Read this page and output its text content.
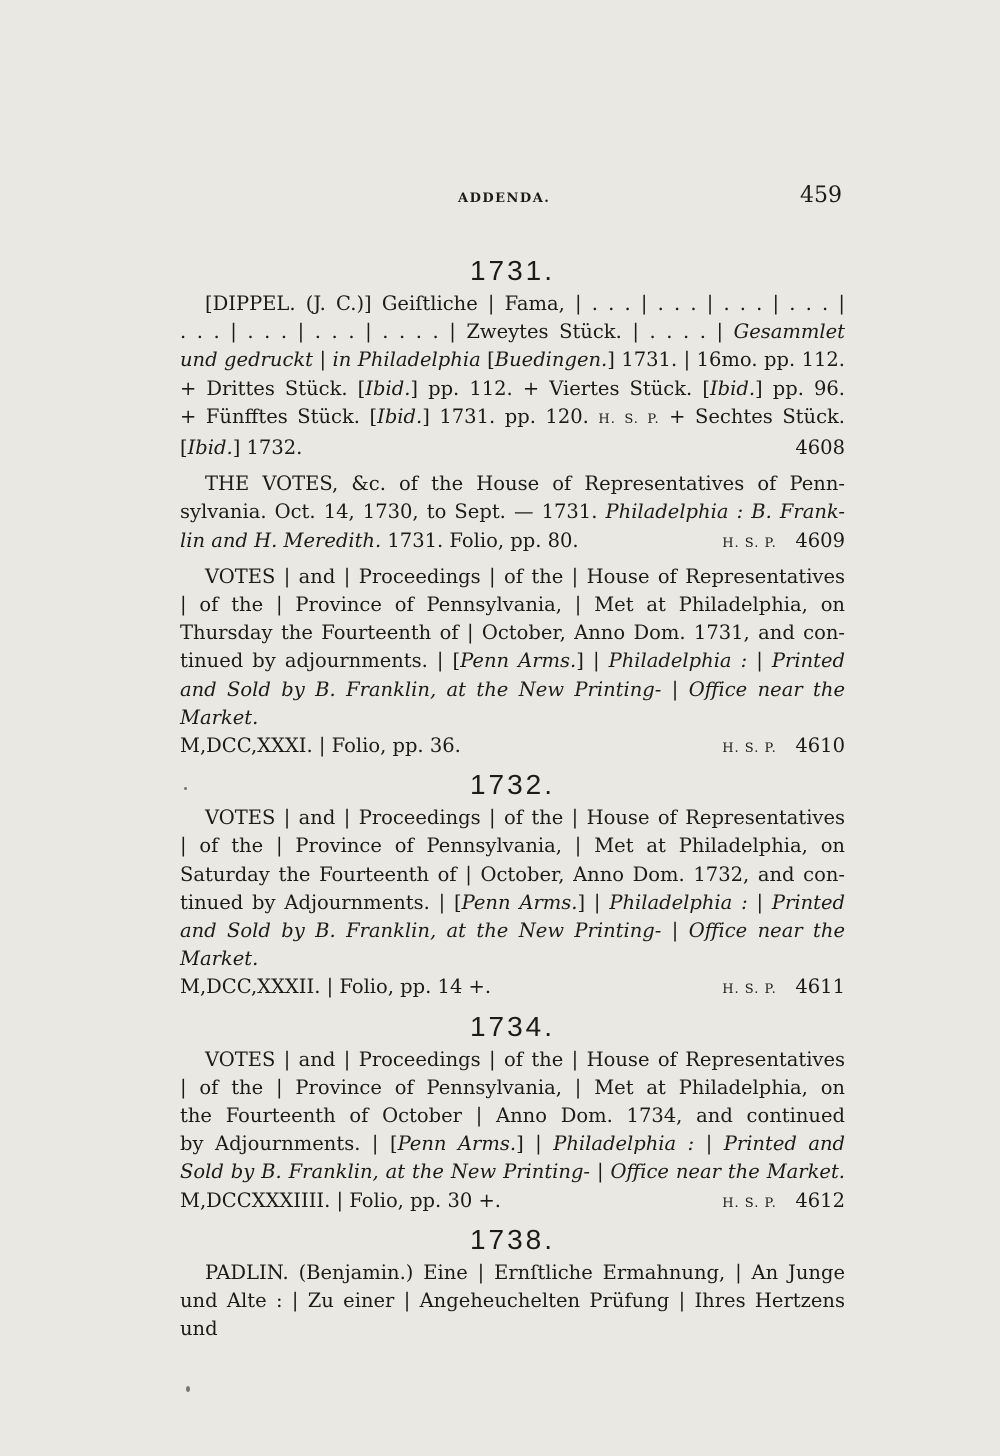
ADDENDA.	459
1731.
[DIPPEL. (J. C.)] Geiſtliche | Fama, | . . . | . . . | . . . | . . . |
. . . | . . . | . . . | . . . . | Zweytes Stück. | . . . . | Gesammlet
und gedruckt | in Philadelphia [Buedingen.] 1731. | 16mo. pp. 112.
+ Drittes Stück. [Ibid.] pp. 112. + Viertes Stück. [Ibid.] pp. 96.
+ Fünfftes Stück. [Ibid.] 1731. pp. 120. H. S. P. + Sechtes Stück.
[Ibid.] 1732.	4608
THE VOTES, &c. of the House of Representatives of Penn-
sylvania. Oct. 14, 1730, to Sept. — 1731. Philadelphia : B. Frank-
lin and H. Meredith. 1731. Folio, pp. 80.	H. S. P. 4609
VOTES | and | Proceedings | of the | House of Representatives
| of the | Province of Pennsylvania, | Met at Philadelphia, on
Thursday the Fourteenth of | October, Anno Dom. 1731, and con-
tinued by adjournments. | [Penn Arms.] | Philadelphia : | Printed
and Sold by B. Franklin, at the New Printing- | Office near the Market.
M,DCC,XXXI. | Folio, pp. 36.	H. S. P. 4610
1732.
VOTES | and | Proceedings | of the | House of Representatives
| of the | Province of Pennsylvania, | Met at Philadelphia, on
Saturday the Fourteenth of | October, Anno Dom. 1732, and con-
tinued by Adjournments. | [Penn Arms.] | Philadelphia : | Printed
and Sold by B. Franklin, at the New Printing- | Office near the Market.
M,DCC,XXXII. | Folio, pp. 14 +.	H. S. P. 4611
1734.
VOTES | and | Proceedings | of the | House of Representatives
| of the | Province of Pennsylvania, | Met at Philadelphia, on
the Fourteenth of October | Anno Dom. 1734, and continued
by Adjournments. | [Penn Arms.] | Philadelphia : | Printed and
Sold by B. Franklin, at the New Printing- | Office near the Market.
M,DCCXXXIIII. | Folio, pp. 30 +.	H. S. P. 4612
1738.
PADLIN. (Benjamin.) Eine | Ernſtliche Ermahnung, | An Junge
und Alte : | Zu einer | Angeheuchelten Prüfung | Ihres Hertzens und
